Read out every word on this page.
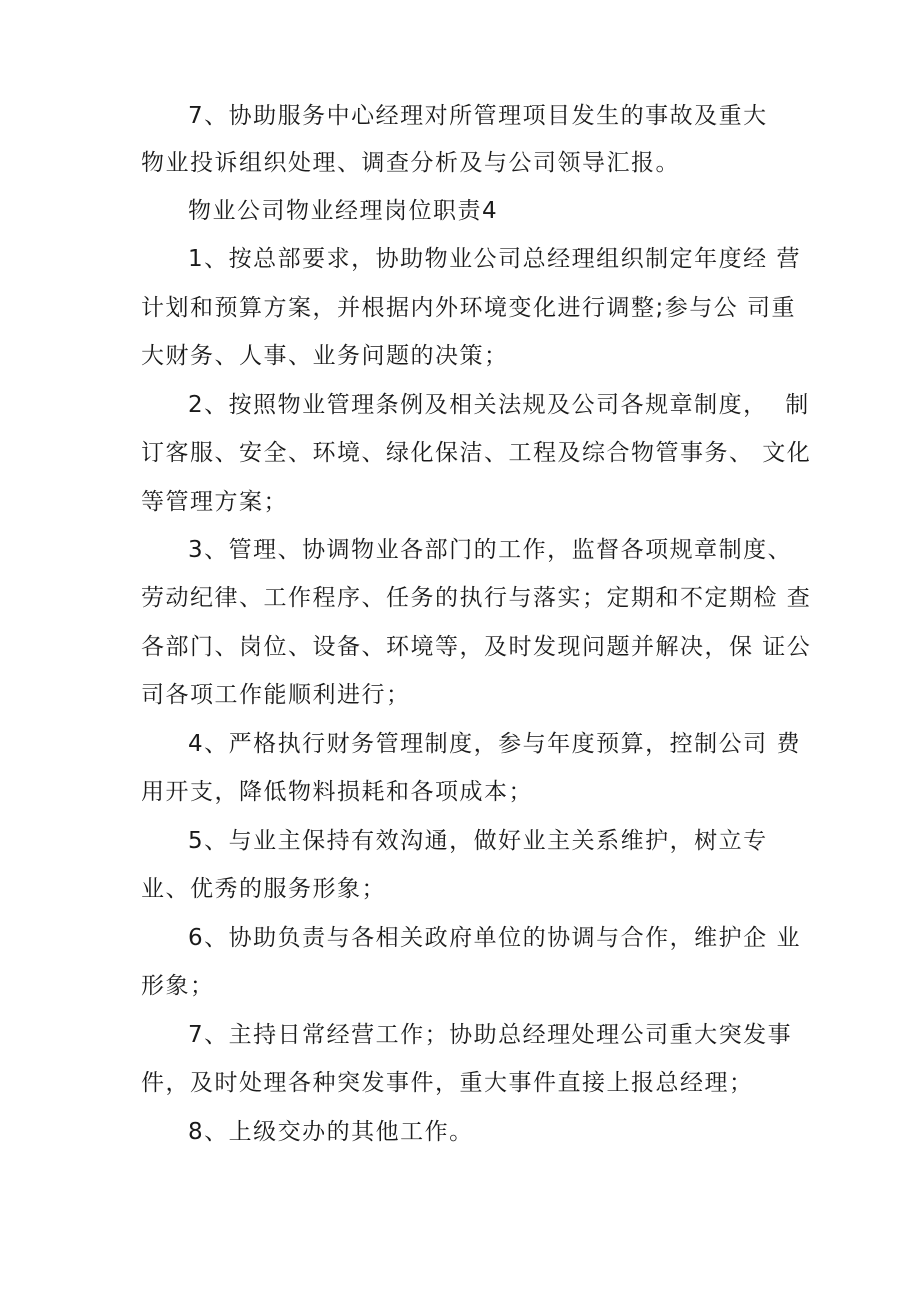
7、协助服务中心经理对所管理项目发生的事故及重大
物业投诉组织处理、调查分析及与公司领导汇报。
物业公司物业经理岗位职责4
1、按总部要求，协助物业公司总经理组织制定年度经 营
计划和预算方案，并根据内外环境变化进行调整;参与公 司重
大财务、人事、业务问题的决策；
2、按照物业管理条例及相关法规及公司各规章制度，  制
订客服、安全、环境、绿化保洁、工程及综合物管事务、 文化
等管理方案；
3、管理、协调物业各部门的工作，监督各项规章制度、
劳动纪律、工作程序、任务的执行与落实；定期和不定期检 查
各部门、岗位、设备、环境等，及时发现问题并解决，保 证公
司各项工作能顺利进行；
4、严格执行财务管理制度，参与年度预算，控制公司 费
用开支，降低物料损耗和各项成本；
5、与业主保持有效沟通，做好业主关系维护，树立专
业、优秀的服务形象；
6、协助负责与各相关政府单位的协调与合作，维护企 业
形象；
7、主持日常经营工作；协助总经理处理公司重大突发事
件，及时处理各种突发事件，重大事件直接上报总经理；
8、上级交办的其他工作。
